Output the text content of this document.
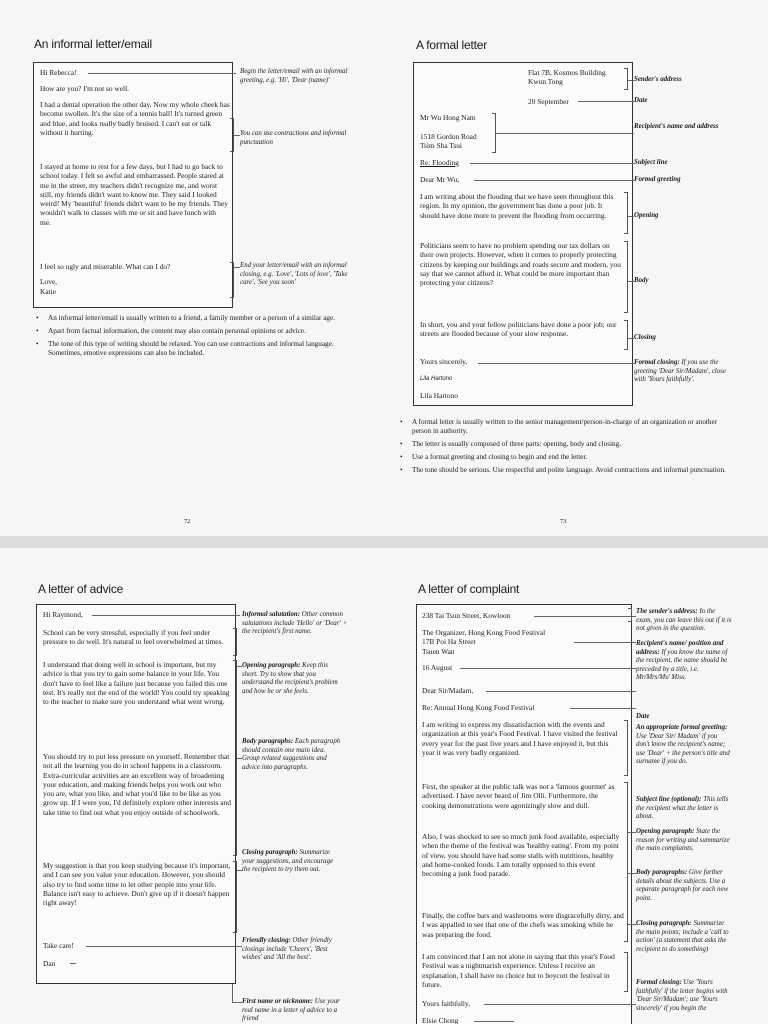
An informal letter/email

Hi Rebecca!

How are you? I'm not so well.

I had a dental operation the other day. Now my whole cheek has become swollen. It's the size of a tennis ball! It's turned green and blue, and looks really badly bruised. I can't eat or talk without it hurting.

I stayed at home to rest for a few days, but I had to go back to school today. I felt so awful and embarrassed. People stared at me in the street, my teachers didn't recognize me, and worst still, my friends didn't want to know me. They said I looked weird! My 'beautiful' friends didn't want to be my friends. They wouldn't walk to classes with me or sit and have lunch with me.

I feel so ugly and miserable. What can I do?

Love,

Katie

Begin the letter/email with an informal greeting, e.g. 'Hi', 'Dear (name)'

You can use contractions and informal punctuation

End your letter/email with an informal closing, e.g. 'Love', 'Lots of love', 'Take care', 'See you soon'

• An informal letter/email is usually written to a friend, a family member or a person of a similar age.
• Apart from factual information, the content may also contain personal opinions or advice.
• The tone of this type of writing should be relaxed. You can use contractions and informal language. Sometimes, emotive expressions can also be included.
72
A formal letter

Flat 7B, Kosmos Building
Kwun Tong

20 September

Mr Wu Hong Nam

1518 Gordon Road
Tsim Sha Tsui

Re: Flooding

Dear Mr Wu,

I am writing about the flooding that we have seen throughout this region. In my opinion, the government has done a poor job. It should have done more to prevent the flooding from occurring.

Politicians seem to have no problem spending our tax dollars on their own projects. However, when it comes to properly protecting citizens by keeping our buildings and roads secure and modern, you say that we cannot afford it. What could be more important than protecting your citizens?

In short, you and your fellow politicians have done a poor job; our streets are flooded because of your slow response.

Yours sincerely,

Lila Hartono

Lila Hartono

Sender's address

Date

Recipient's name and address

Subject line

Formal greeting

Opening

Body

Closing

Formal closing: If you use the greeting 'Dear Sir/Madam', close with 'Yours faithfully'.

• A formal letter is usually written to the senior management/person-in-charge of an organization or another person in authority.
• The letter is usually composed of three parts: opening, body and closing.
• Use a formal greeting and closing to begin and end the letter.
• The tone should be serious. Use respectful and polite language. Avoid contractions and informal punctuation.
73
A letter of advice

Hi Raymond,

School can be very stressful, especially if you feel under pressure to do well. It's natural to feel overwhelmed at times.

I understand that doing well in school is important, but my advice is that you try to gain some balance in your life. You don't have to feel like a failure just because you failed this one test. It's really not the end of the world! You could try speaking to the teacher to make sure you understand what went wrong.

You should try to put less pressure on yourself. Remember that not all the learning you do in school happens in a classroom. Extra-curricular activities are an excellent way of broadening your education, and making friends helps you work out who you are, what you like, and what you'd like to be like as you grow up. If I were you, I'd definitely explore other interests and take time to find out what you enjoy outside of schoolwork.

My suggestion is that you keep studying because it's important, and I can see you value your education. However, you should also try to find some time to let other people into your life. Balance isn't easy to achieve. Don't give up if it doesn't happen right away!

Take care!

Dan

Informal salutation: Other common salutations include 'Hello' or 'Dear' + the recipient's first name.

Opening paragraph: Keep this short. Try to show that you understand the recipient's problem and how he or she feels.

Body paragraphs: Each paragraph should contain one main idea. Group related suggestions and advice into paragraphs.

Closing paragraph: Summarize your suggestions, and encourage the recipient to try them out.

Friendly closing: Other friendly closings include 'Cheers', 'Best wishes' and 'All the best'.

First name or nickname: Use your real name in a letter of advice to a friend

A letter of complaint

238 Tai Tsun Street, Kowloon

The Organizer, Hong Kong Food Festival
17B Poi Ha Street
Tsuen Wan

16 August

Dear Sir/Madam,

Re: Annual Hong Kong Food Festival

I am writing to express my dissatisfaction with the events and organization at this year's Food Festival. I have visited the festival every year for the past five years and I have enjoyed it, but this year it was very badly organized.

First, the speaker at the public talk was not a 'famous gourmet' as advertised. I have never heard of Jim Olli. Furthermore, the cooking demonstrations were agonizingly slow and dull.

Also, I was shocked to see so much junk food available, especially when the theme of the festival was 'healthy eating'. From my point of view, you should have had some stalls with nutritious, healthy and home-cooked foods. I am totally opposed to this event becoming a junk food parade.

Finally, the coffee bars and washrooms were disgracefully dirty, and I was appalled to see that one of the chefs was smoking while he was preparing the food.

I am convinced that I am not alone in saying that this year's Food Festival was a nightmarish experience. Unless I receive an explanation, I shall have no choice but to boycott the festival in future.

Yours faithfully,

Elsie Chong

The sender's address: In the exam, you can leave this out if it is not given in the question.

Recipient's name/ position and address: If you know the name of the recipient, the name should be preceded by a title, i.e. Mr/Mrs/Ms/ Miss.

Date

An appropriate formal greeting: Use 'Dear Sir/ Madam' if you don't know the recipient's name; use 'Dear' + the person's title and surname if you do.

Subject line (optional): This tells the recipient what the letter is about.

Opening paragraph: State the reason for writing and summarize the main complaints.

Body paragraphs: Give further details about the subjects. Use a separate paragraph for each new point.

Closing paragraph: Summarize the main points; include a 'call to action' (a statement that asks the recipient to do something)

Formal closing: Use 'Yours faithfully' if the letter begins with 'Dear Sir/Madam'; use 'Yours sincerely' if you begin the
